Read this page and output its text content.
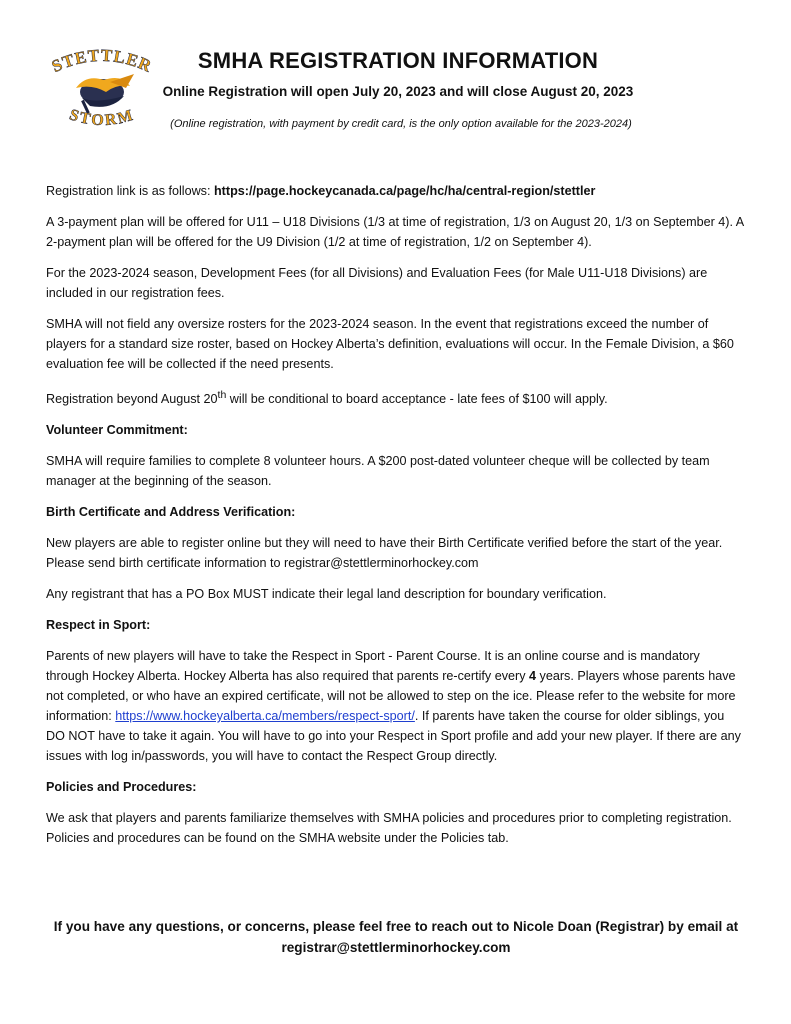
STETTLER
STORM
SMHA REGISTRATION INFORMATION
Online Registration will open July 20, 2023 and will close August 20, 2023
(Online registration, with payment by credit card, is the only option available for the 2023-2024)

Registration link is as follows: https://page.hockeycanada.ca/page/hc/ha/central-region/stettler

A 3-payment plan will be offered for U11 – U18 Divisions (1/3 at time of registration, 1/3 on August 20, 1/3 on September 4). A 2-payment plan will be offered for the U9 Division (1/2 at time of registration, 1/2 on September 4).

For the 2023-2024 season, Development Fees (for all Divisions) and Evaluation Fees (for Male U11-U18 Divisions) are included in our registration fees.

SMHA will not field any oversize rosters for the 2023-2024 season. In the event that registrations exceed the number of players for a standard size roster, based on Hockey Alberta’s definition, evaluations will occur. In the Female Division, a $60 evaluation fee will be collected if the need presents.

Registration beyond August 20th will be conditional to board acceptance - late fees of $100 will apply.

Volunteer Commitment:

SMHA will require families to complete 8 volunteer hours. A $200 post-dated volunteer cheque will be collected by team manager at the beginning of the season.

Birth Certificate and Address Verification:

New players are able to register online but they will need to have their Birth Certificate verified before the start of the year. Please send birth certificate information to registrar@stettlerminorhockey.com

Any registrant that has a PO Box MUST indicate their legal land description for boundary verification.

Respect in Sport:

Parents of new players will have to take the Respect in Sport - Parent Course. It is an online course and is mandatory through Hockey Alberta. Hockey Alberta has also required that parents re-certify every 4 years. Players whose parents have not completed, or who have an expired certificate, will not be allowed to step on the ice. Please refer to the website for more information: https://www.hockeyalberta.ca/members/respect-sport/. If parents have taken the course for older siblings, you DO NOT have to take it again. You will have to go into your Respect in Sport profile and add your new player. If there are any issues with log in/passwords, you will have to contact the Respect Group directly.

Policies and Procedures:

We ask that players and parents familiarize themselves with SMHA policies and procedures prior to completing registration. Policies and procedures can be found on the SMHA website under the Policies tab.

If you have any questions, or concerns, please feel free to reach out to Nicole Doan (Registrar) by email at
registrar@stettlerminorhockey.com
